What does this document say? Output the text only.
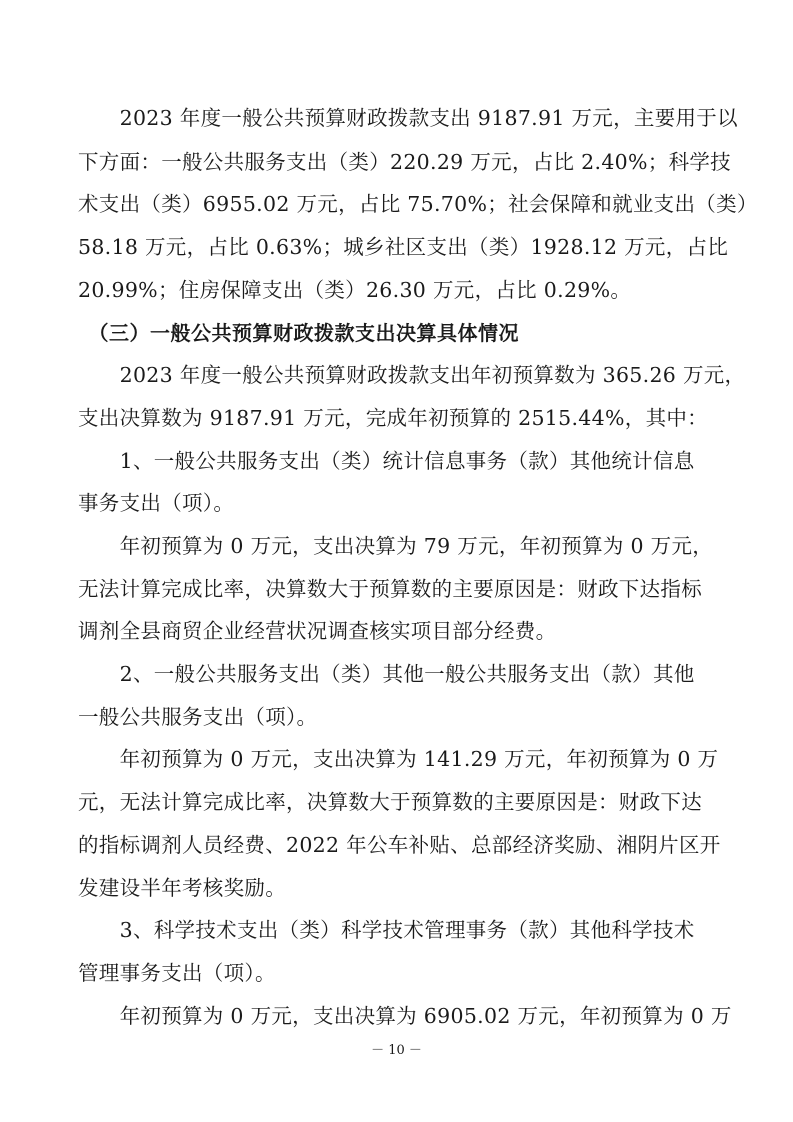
　　2023 年度一般公共预算财政拨款支出 9187.91 万元，主要用于以
下方面：一般公共服务支出（类）220.29 万元，占比 2.40%；科学技
术支出（类）6955.02 万元，占比 75.70%；社会保障和就业支出（类）
58.18 万元，占比 0.63%；城乡社区支出（类）1928.12 万元，占比
20.99%；住房保障支出（类）26.30 万元，占比 0.29%。
　（三）一般公共预算财政拨款支出决算具体情况
　　2023 年度一般公共预算财政拨款支出年初预算数为 365.26 万元，
支出决算数为 9187.91 万元，完成年初预算的 2515.44%，其中：
　　1、一般公共服务支出（类）统计信息事务（款）其他统计信息
事务支出（项）。
　　年初预算为 0 万元，支出决算为 79 万元，年初预算为 0 万元，
无法计算完成比率，决算数大于预算数的主要原因是：财政下达指标
调剂全县商贸企业经营状况调查核实项目部分经费。
　　2、一般公共服务支出（类）其他一般公共服务支出（款）其他
一般公共服务支出（项）。
　　年初预算为 0 万元，支出决算为 141.29 万元，年初预算为 0 万
元，无法计算完成比率，决算数大于预算数的主要原因是：财政下达
的指标调剂人员经费、2022 年公车补贴、总部经济奖励、湘阴片区开
发建设半年考核奖励。
　　3、科学技术支出（类）科学技术管理事务（款）其他科学技术
管理事务支出（项）。
　　年初预算为 0 万元，支出决算为 6905.02 万元，年初预算为 0 万
－ 10 －
